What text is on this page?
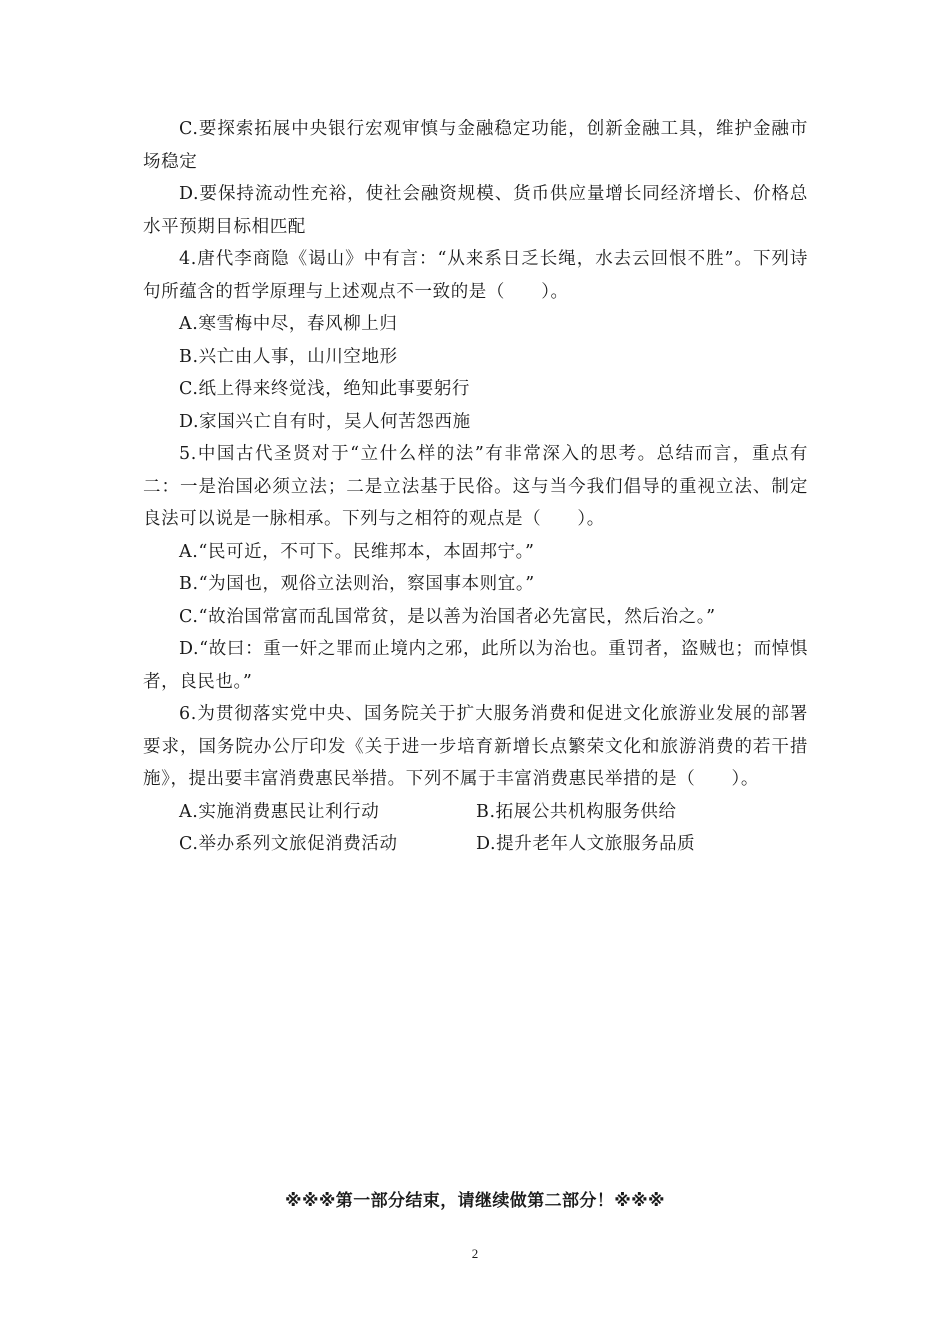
C.要探索拓展中央银行宏观审慎与金融稳定功能，创新金融工具，维护金融市场稳定

D.要保持流动性充裕，使社会融资规模、货币供应量增长同经济增长、价格总水平预期目标相匹配

4.唐代李商隐《谒山》中有言：“从来系日乏长绳，水去云回恨不胜”。下列诗句所蕴含的哲学原理与上述观点不一致的是（　　）。

A.寒雪梅中尽，春风柳上归

B.兴亡由人事，山川空地形

C.纸上得来终觉浅，绝知此事要躬行

D.家国兴亡自有时，吴人何苦怨西施

5.中国古代圣贤对于“立什么样的法”有非常深入的思考。总结而言，重点有二：一是治国必须立法；二是立法基于民俗。这与当今我们倡导的重视立法、制定良法可以说是一脉相承。下列与之相符的观点是（　　）。

A.“民可近，不可下。民维邦本，本固邦宁。”

B.“为国也，观俗立法则治，察国事本则宜。”

C.“故治国常富而乱国常贫，是以善为治国者必先富民，然后治之。”

D.“故曰：重一奸之罪而止境内之邪，此所以为治也。重罚者，盗贼也；而悼惧者，良民也。”

6.为贯彻落实党中央、国务院关于扩大服务消费和促进文化旅游业发展的部署要求，国务院办公厅印发《关于进一步培育新增长点繁荣文化和旅游消费的若干措施》，提出要丰富消费惠民举措。下列不属于丰富消费惠民举措的是（　　）。

A.实施消费惠民让利行动	B.拓展公共机构服务供给
C.举办系列文旅促消费活动	D.提升老年人文旅服务品质
※※※第一部分结束，请继续做第二部分！※※※
2
